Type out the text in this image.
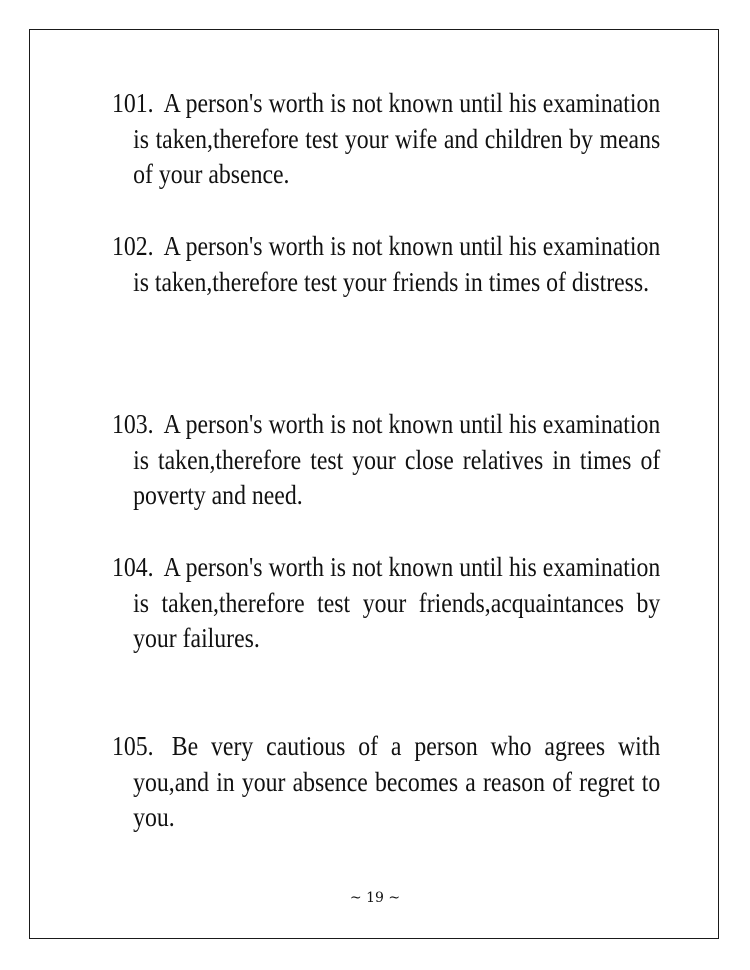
101. A person's worth is not known until his examination is taken,therefore test your wife and children by means of your absence.

102. A person's worth is not known until his examination is taken,therefore test your friends in times of distress.

103. A person's worth is not known until his examination is taken,therefore test your close relatives in times of poverty and need.

104. A person's worth is not known until his examination is taken,therefore test your friends,acquaintances by your failures.

105. Be very cautious of a person who agrees with you,and in your absence becomes a reason of regret to you.

~ 19 ~
